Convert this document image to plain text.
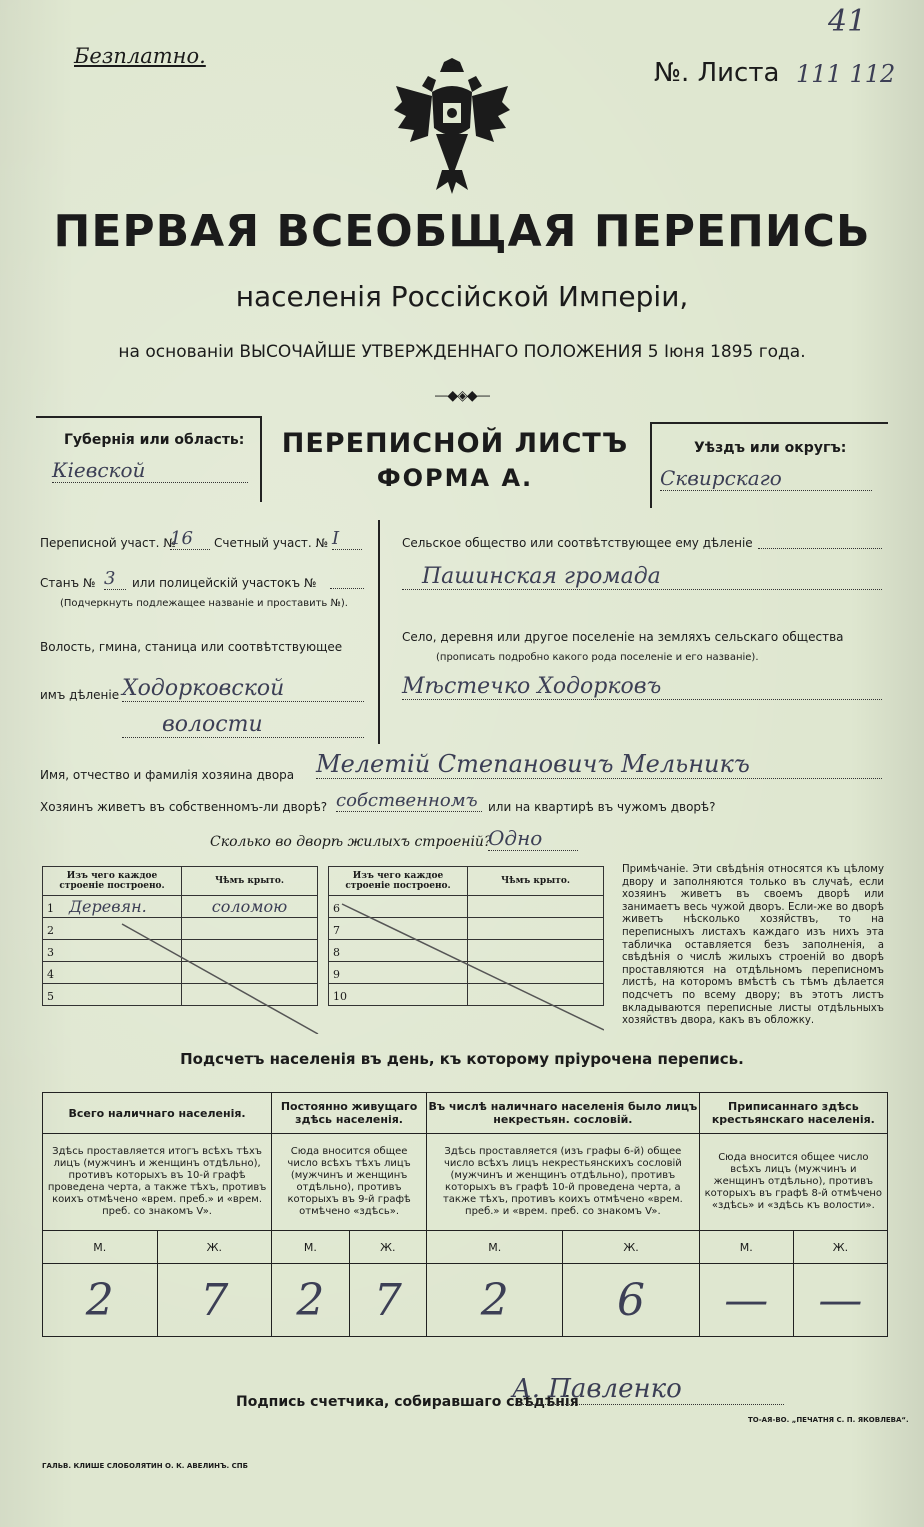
Безплатно.
№. Листа 111 112
41
ПЕРВАЯ ВСЕОБЩАЯ ПЕРЕПИСЬ
населенія Россійской Имперіи,
на основаніи ВЫСОЧАЙШЕ УТВЕРЖДЕННАГО ПОЛОЖЕНИЯ 5 Іюня 1895 года.
—◆◈◆—
Губернія или область:
Кіевской
ПЕРЕПИСНОЙ ЛИСТЪ
ФОРМА А.
Уѣздъ или округъ:
Сквирскаго
Переписной участ. №
16	Счетный участ. № I
Станъ № 3	или полицейскій участокъ №
(Подчеркнуть подлежащее названіе и проставить №).
Волость, гмина, станица или соотвѣтствующее
имъ дѣленіе Ходорковской
волости
Сельское общество или соотвѣтствующее ему дѣленіе
Пашинская громада
Село, деревня или другое поселеніе на земляхъ сельскаго общества
(прописать подробно какого рода поселеніе и его названіе).
Мѣстечко Ходорковъ
Имя, отчество и фамилія хозяина двора Мелетій Степановичъ Мельникъ
Хозяинъ живетъ въ собственномъ-ли дворѣ? собственномъ или на квартирѣ въ чужомъ дворѣ?
Сколько во дворѣ жилыхъ строеній?
Одно
Изъ чего каждое строеніе построено.	Чѣмъ крыто.
1 Деревян.	соломою
2	
3	
4	
5	
Изъ чего каждое строеніе построено.	Чѣмъ крыто.
6	
7	
8	
9	
10	
Примѣчаніе. Эти свѣдѣнія относятся къ цѣлому двору и заполняются только въ случаѣ, если хозяинъ живетъ въ своемъ дворѣ или занимаетъ весь чужой дворъ. Если-же во дворѣ живетъ нѣсколько хозяйствъ, то на переписныхъ листахъ каждаго изъ нихъ эта табличка оставляется безъ заполненія, а свѣдѣнія о числѣ жилыхъ строеній во дворѣ проставляются на отдѣльномъ переписномъ листѣ, на которомъ вмѣстѣ съ тѣмъ дѣлается подсчетъ по всему двору; въ этотъ листъ вкладываются переписные листы отдѣльныхъ хозяйствъ двора, какъ въ обложку.
Подсчетъ населенія въ день, къ которому пріурочена перепись.
Всего наличнаго населенія.		Постоянно живущаго здѣсь населенія.		Въ числѣ наличнаго населенія было лицъ некрестьян. сословій.		Приписаннаго здѣсь крестьянскаго населенія.	
Здѣсь проставляется итогъ всѣхъ тѣхъ лицъ (мужчинъ и женщинъ отдѣльно), противъ которыхъ въ 10-й графѣ проведена черта, а также тѣхъ, противъ коихъ отмѣчено «врем. преб.» и «врем. преб. со знакомъ V».		Сюда вносится общее число всѣхъ тѣхъ лицъ (мужчинъ и женщинъ отдѣльно), противъ которыхъ въ 9-й графѣ отмѣчено «здѣсь».		Здѣсь проставляется (изъ графы 6-й) общее число всѣхъ лицъ некрестьянскихъ сословій (мужчинъ и женщинъ отдѣльно), противъ которыхъ въ графѣ 10-й проведена черта, а также тѣхъ, противъ коихъ отмѣчено «врем. преб.» и «врем. преб. со знакомъ V».		Сюда вносится общее число всѣхъ лицъ (мужчинъ и женщинъ отдѣльно), противъ которыхъ въ графѣ 8-й отмѣчено «здѣсь» и «здѣсь къ волости».	
М.	Ж.	М.	Ж.	М.	Ж.	М.	Ж.
2	7	2	7	2	6	—	—
Подпись счетчика, собиравшаго свѣдѣнія
А. Павленко
ГАЛЬВ. КЛИШЕ СЛОБОЛЯТИН О. К. АВЕЛИНЪ. СПБ
ТО-АЯ-ВО. „ПЕЧАТНЯ С. П. ЯКОВЛЕВА“.
